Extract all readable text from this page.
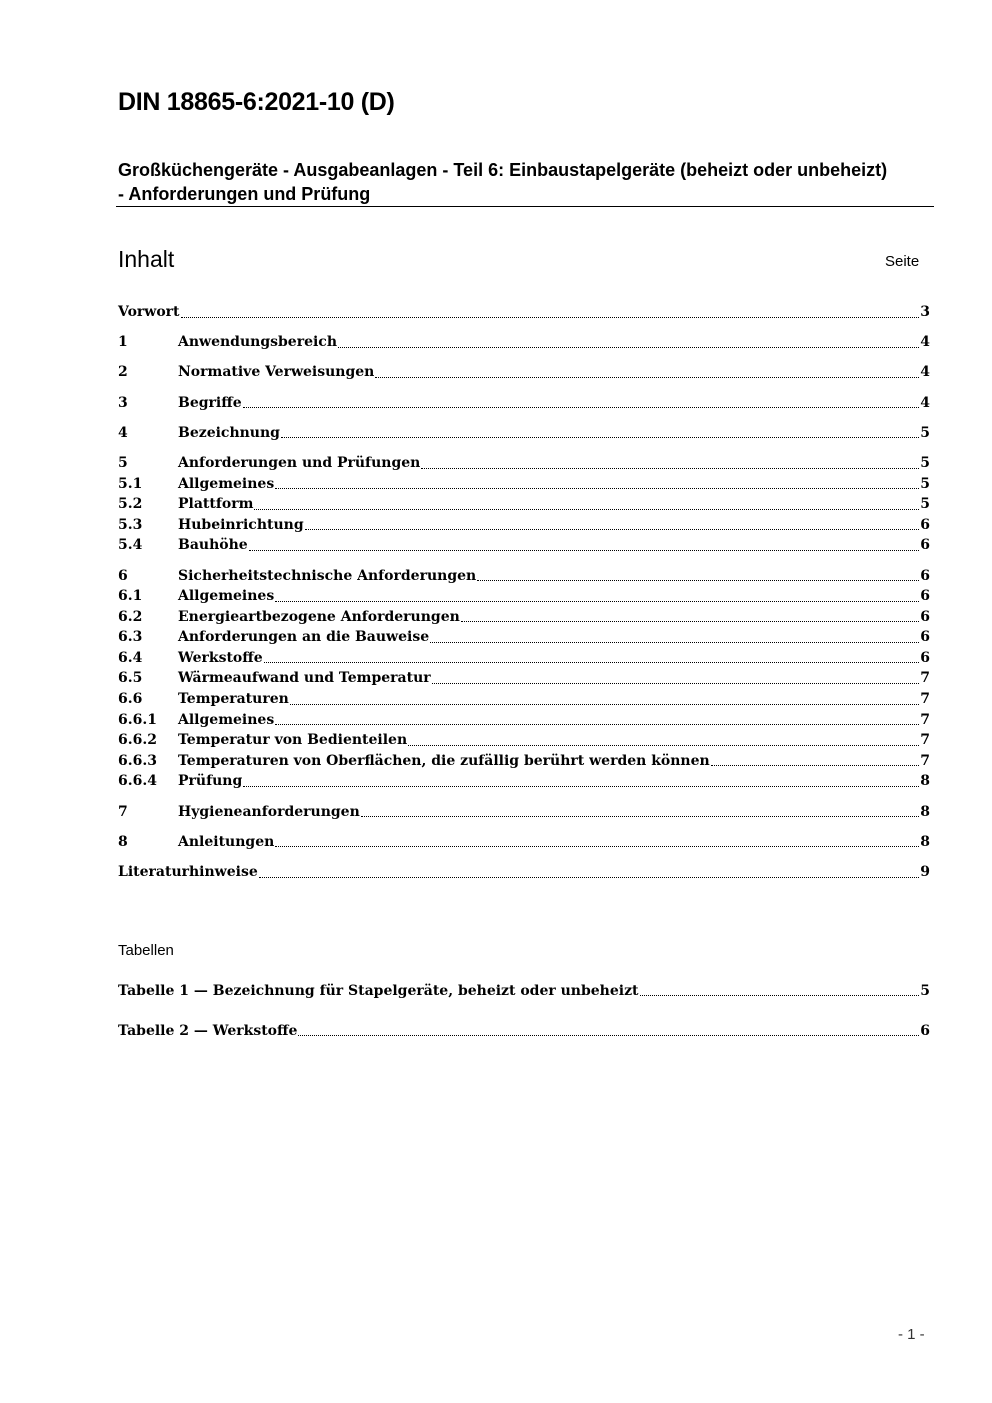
DIN 18865-6:2021-10 (D)
Großküchengeräte - Ausgabeanlagen - Teil 6: Einbaustapelgeräte (beheizt oder unbeheizt) - Anforderungen und Prüfung
Inhalt	Seite
Vorwort	3
1	Anwendungsbereich	4
2	Normative Verweisungen	4
3	Begriffe	4
4	Bezeichnung	5
5	Anforderungen und Prüfungen	5
5.1	Allgemeines	5
5.2	Plattform	5
5.3	Hubeinrichtung	6
5.4	Bauhöhe	6
6	Sicherheitstechnische Anforderungen	6
6.1	Allgemeines	6
6.2	Energieartbezogene Anforderungen	6
6.3	Anforderungen an die Bauweise	6
6.4	Werkstoffe	6
6.5	Wärmeaufwand und Temperatur	7
6.6	Temperaturen	7
6.6.1	Allgemeines	7
6.6.2	Temperatur von Bedienteilen	7
6.6.3	Temperaturen von Oberflächen, die zufällig berührt werden können	7
6.6.4	Prüfung	8
7	Hygieneanforderungen	8
8	Anleitungen	8
Literaturhinweise	9
Tabellen
Tabelle 1 — Bezeichnung für Stapelgeräte, beheizt oder unbeheizt	5
Tabelle 2 — Werkstoffe	6
- 1 -
